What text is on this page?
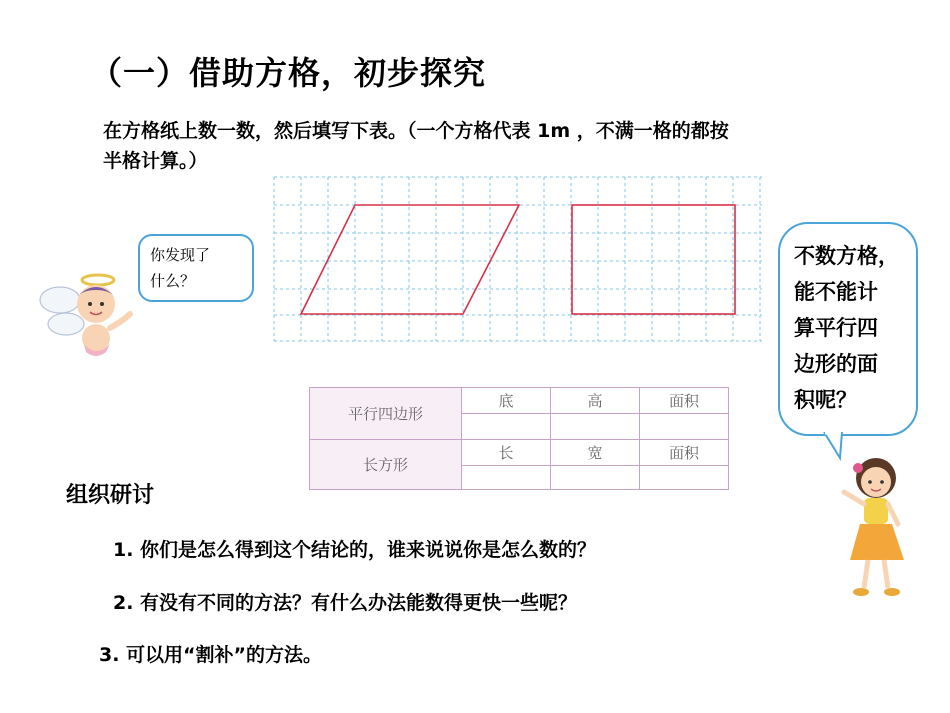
（一）借助方格，初步探究
在方格纸上数一数，然后填写下表。（一个方格代表 1m ，不满一格的都按
半格计算。）
你发现了
什么？
不数方格，
能不能计
算平行四
边形的面
积呢？
平行四边形	底	高	面积

长方形	长	宽	面积

组织研讨
1. 你们是怎么得到这个结论的，谁来说说你是怎么数的？
2. 有没有不同的方法？有什么办法能数得更快一些呢？
3. 可以用“割补”的方法。
